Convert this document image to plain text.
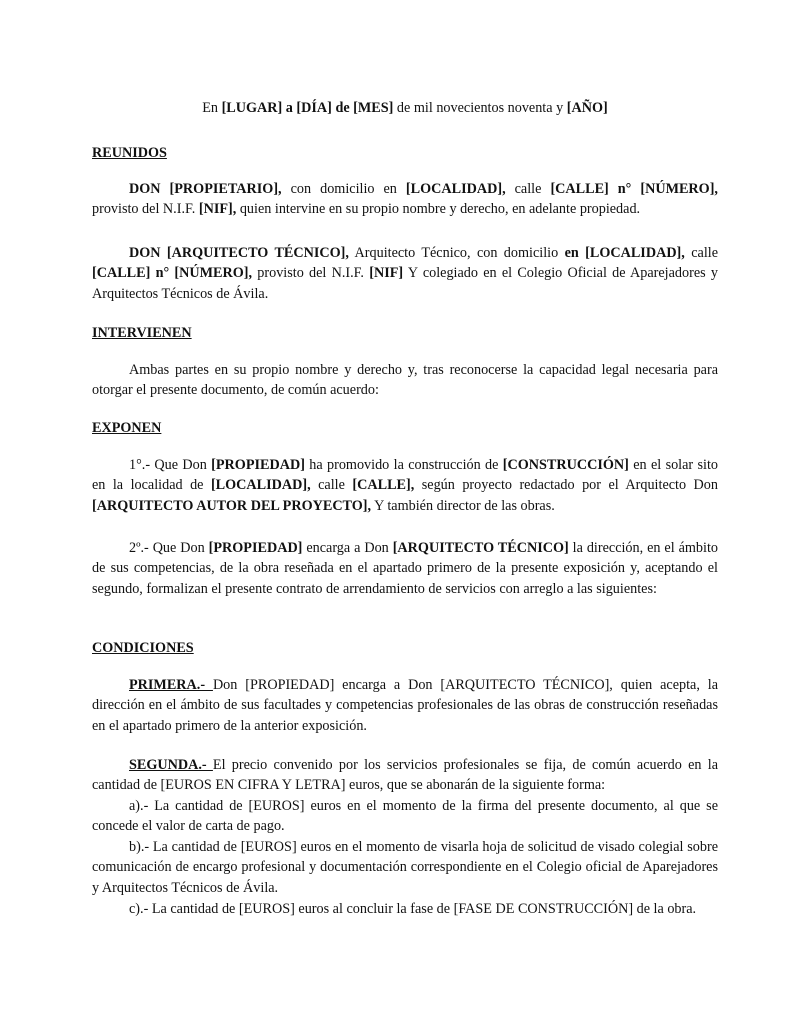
En [LUGAR] a [DÍA] de [MES] de mil novecientos noventa y [AÑO]

REUNIDOS

DON [PROPIETARIO], con domicilio en [LOCALIDAD], calle [CALLE] n° [NÚMERO], provisto del N.I.F. [NIF], quien intervine en su propio nombre y derecho, en adelante propiedad.

DON [ARQUITECTO TÉCNICO], Arquitecto Técnico, con domicilio en [LOCALIDAD], calle [CALLE] n° [NÚMERO], provisto del N.I.F. [NIF] Y colegiado en el Colegio Oficial de Aparejadores y Arquitectos Técnicos de Ávila.

INTERVIENEN

Ambas partes en su propio nombre y derecho y, tras reconocerse la capacidad legal necesaria para otorgar el presente documento, de común acuerdo:

EXPONEN

1°.- Que Don [PROPIEDAD] ha promovido la construcción de [CONSTRUCCIÓN] en el solar sito en la localidad de [LOCALIDAD], calle [CALLE], según proyecto redactado por el Arquitecto Don [ARQUITECTO AUTOR DEL PROYECTO], Y también director de las obras.

2º.- Que Don [PROPIEDAD] encarga a Don [ARQUITECTO TÉCNICO] la dirección, en el ámbito de sus competencias, de la obra reseñada en el apartado primero de la presente exposición y, aceptando el segundo, formalizan el presente contrato de arrendamiento de servicios con arreglo a las siguientes:

CONDICIONES

PRIMERA.- Don [PROPIEDAD] encarga a Don [ARQUITECTO TÉCNICO], quien acepta, la dirección en el ámbito de sus facultades y competencias profesionales de las obras de construcción reseñadas en el apartado primero de la anterior exposición.

SEGUNDA.- El precio convenido por los servicios profesionales se fija, de común acuerdo en la cantidad de [EUROS EN CIFRA Y LETRA] euros, que se abonarán de la siguiente forma:

a).- La cantidad de [EUROS] euros en el momento de la firma del presente documento, al que se concede el valor de carta de pago.

b).- La cantidad de [EUROS] euros en el momento de visarla hoja de solicitud de visado colegial sobre comunicación de encargo profesional y documentación correspondiente en el Colegio oficial de Aparejadores y Arquitectos Técnicos de Ávila.

c).- La cantidad de [EUROS] euros al concluir la fase de [FASE DE CONSTRUCCIÓN] de la obra.
